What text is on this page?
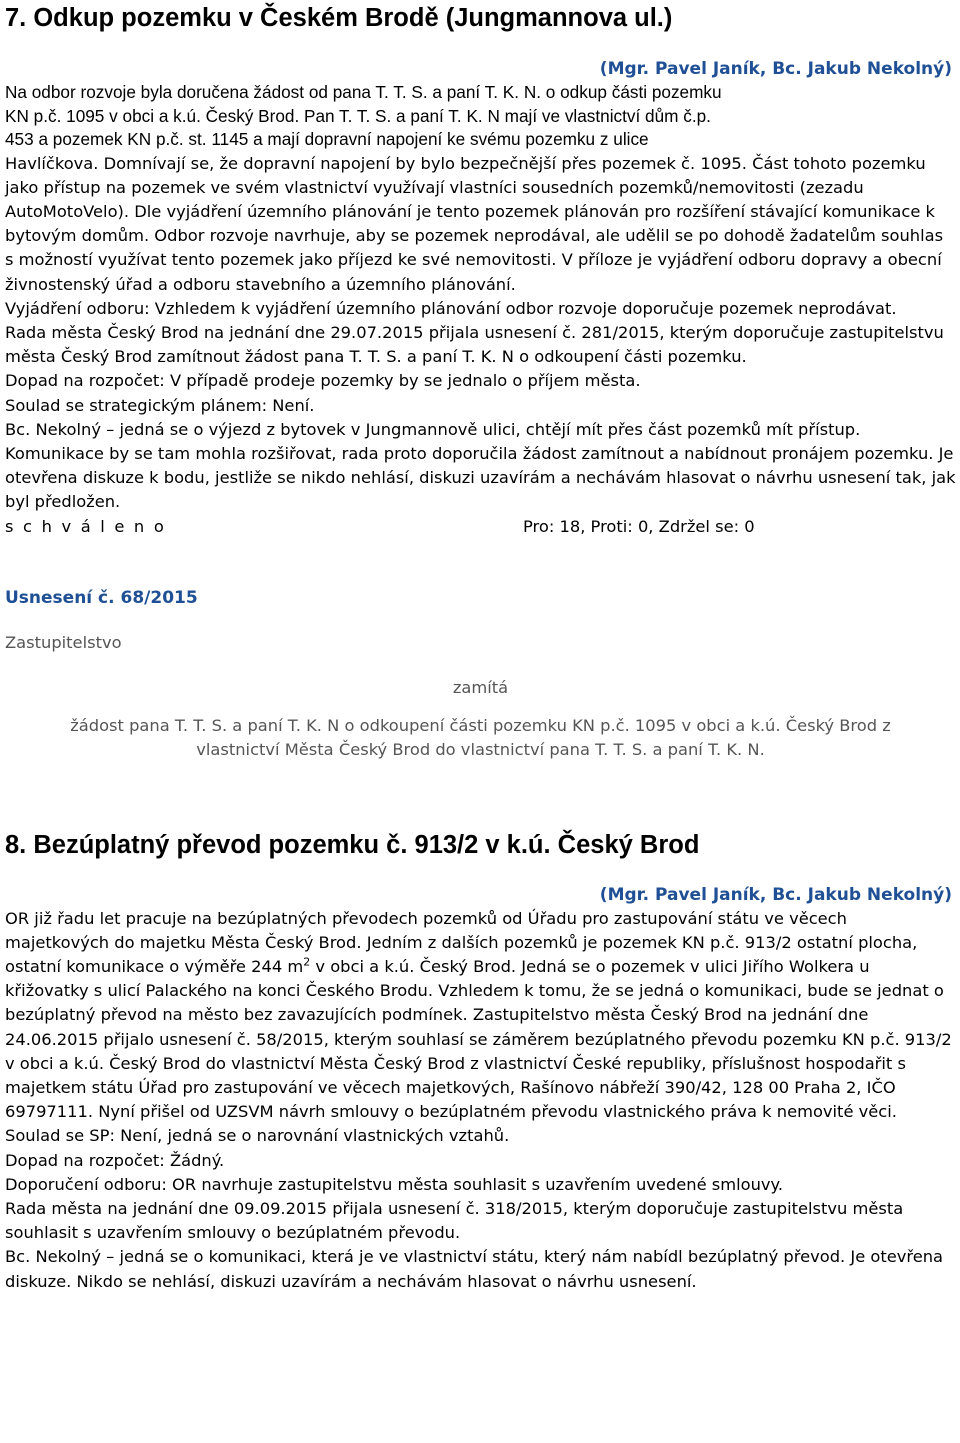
7. Odkup pozemku v Českém Brodě (Jungmannova ul.)
(Mgr. Pavel Janík, Bc. Jakub Nekolný)
Na odbor rozvoje byla doručena žádost od pana T. T. S. a paní T. K. N. o odkup části pozemku
KN p.č. 1095 v obci a k.ú. Český Brod. Pan T. T. S. a paní T. K. N mají ve vlastnictví dům č.p.
453 a pozemek KN p.č. st. 1145 a mají dopravní napojení ke svému pozemku z ulice

Havlíčkova. Domnívají se, že dopravní napojení by bylo bezpečnější přes pozemek č. 1095. Část tohoto pozemku jako přístup na pozemek ve svém vlastnictví využívají vlastníci sousedních pozemků/nemovitosti (zezadu AutoMotoVelo). Dle vyjádření územního plánování je tento pozemek plánován pro rozšíření stávající komunikace k bytovým domům. Odbor rozvoje navrhuje, aby se pozemek neprodával, ale udělil se po dohodě žadatelům souhlas s možností využívat tento pozemek jako příjezd ke své nemovitosti. V příloze je vyjádření odboru dopravy a obecní živnostenský úřad a odboru stavebního a územního plánování.

Vyjádření odboru: Vzhledem k vyjádření územního plánování odbor rozvoje doporučuje pozemek neprodávat.

Rada města Český Brod na jednání dne 29.07.2015 přijala usnesení č. 281/2015, kterým doporučuje zastupitelstvu města Český Brod zamítnout žádost pana T. T. S. a paní T. K. N o odkoupení části pozemku.

Dopad na rozpočet: V případě prodeje pozemky by se jednalo o příjem města.

Soulad se strategickým plánem: Není.

Bc. Nekolný – jedná se o výjezd z bytovek v Jungmannově ulici, chtějí mít přes část pozemků mít přístup. Komunikace by se tam mohla rozšiřovat, rada proto doporučila žádost zamítnout a nabídnout pronájem pozemku. Je otevřena diskuze k bodu, jestliže se nikdo nehlásí, diskuzi uzavírám a nechávám hlasovat o návrhu usnesení tak, jak byl předložen.

s c h v á l e n o	Pro: 18, Proti: 0, Zdržel se: 0
Usnesení č. 68/2015
Zastupitelstvo
zamítá
žádost pana T. T. S. a paní T. K. N o odkoupení části pozemku KN p.č. 1095 v obci a k.ú. Český Brod z
vlastnictví Města Český Brod do vlastnictví pana T. T. S. a paní T. K. N.
8. Bezúplatný převod pozemku č. 913/2 v k.ú. Český Brod
(Mgr. Pavel Janík, Bc. Jakub Nekolný)

OR již řadu let pracuje na bezúplatných převodech pozemků od Úřadu pro zastupování státu ve věcech majetkových do majetku Města Český Brod. Jedním z dalších pozemků je pozemek KN p.č. 913/2 ostatní plocha, ostatní komunikace o výměře 244 $m^2$ v obci a k.ú. Český Brod. Jedná se o pozemek v ulici Jiřího Wolkera u křižovatky s ulicí Palackého na konci Českého Brodu. Vzhledem k tomu, že se jedná o komunikaci, bude se jednat o bezúplatný převod na město bez zavazujících podmínek. Zastupitelstvo města Český Brod na jednání dne 24.06.2015 přijalo usnesení č. 58/2015, kterým souhlasí se záměrem bezúplatného převodu pozemku KN p.č. 913/2 v obci a k.ú. Český Brod do vlastnictví Města Český Brod z vlastnictví České republiky, příslušnost hospodařit s majetkem státu Úřad pro zastupování ve věcech majetkových, Rašínovo nábřeží 390/42, 128 00 Praha 2, IČO 69797111. Nyní přišel od UZSVM návrh smlouvy o bezúplatném převodu vlastnického práva k nemovité věci.

Soulad se SP: Není, jedná se o narovnání vlastnických vztahů.

Dopad na rozpočet: Žádný.

Doporučení odboru: OR navrhuje zastupitelstvu města souhlasit s uzavřením uvedené smlouvy.

Rada města na jednání dne 09.09.2015 přijala usnesení č. 318/2015, kterým doporučuje zastupitelstvu města souhlasit s uzavřením smlouvy o bezúplatném převodu.

Bc. Nekolný – jedná se o komunikaci, která je ve vlastnictví státu, který nám nabídl bezúplatný převod. Je otevřena diskuze. Nikdo se nehlásí, diskuzi uzavírám a nechávám hlasovat o návrhu usnesení.
